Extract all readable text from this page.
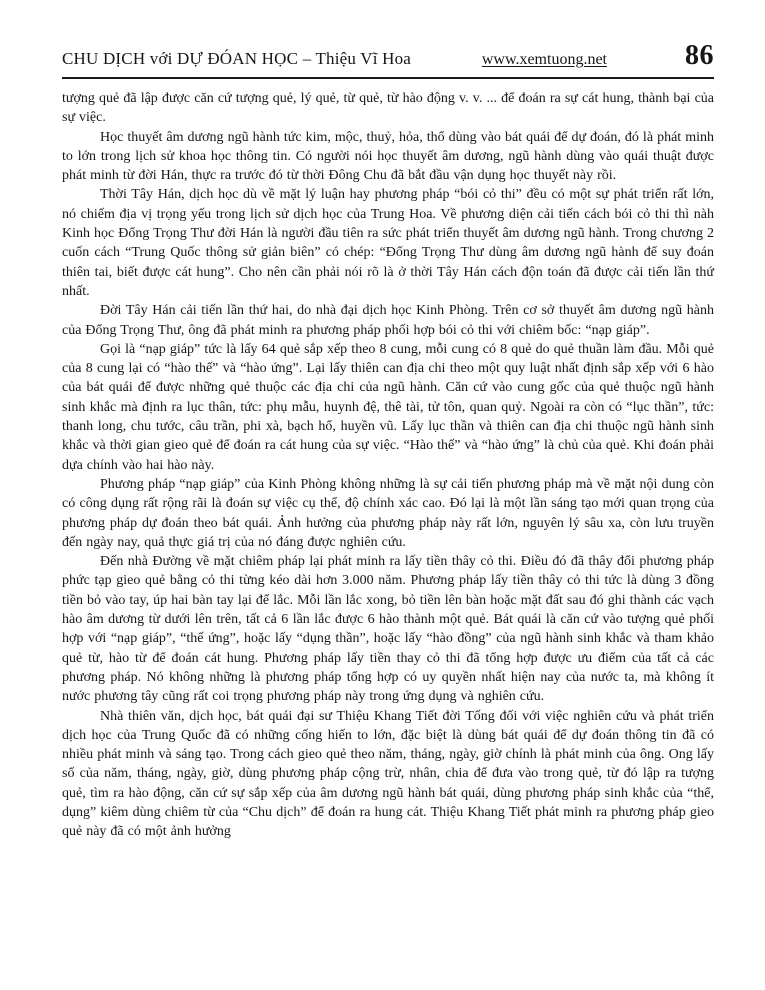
CHU DỊCH với DỰ ĐÓAN HỌC – Thiệu Vĩ Hoa	www.xemtuong.net	86

tượng quẻ đã lập được căn cứ tượng quẻ, lý quẻ, từ quẻ, từ hào động v. v. ... để đoán ra sự cát hung, thành bại của sự việc.

Học thuyết âm dương ngũ hành tức kim, mộc, thuỷ, hỏa, thổ dùng vào bát quái để dự đoán, đó là phát minh to lớn trong lịch sử khoa học thông tin. Có người nói học thuyết âm dương, ngũ hành dùng vào quái thuật được phát minh từ đời Hán, thực ra trước đó từ thời Đông Chu đã bắt đầu vận dụng học thuyết này rồi.

Thời Tây Hán, dịch học dù về mặt lý luận hay phương pháp “bói cỏ thi” đều có một sự phát triển rất lớn, nó chiếm địa vị trọng yếu trong lịch sử dịch học của Trung Hoa. Về phương diện cải tiến cách bói cỏ thi thì nàh Kinh học Đổng Trọng Thư đời Hán là người đầu tiên ra sức phát triển thuyết âm dương ngũ hành. Trong chương 2 cuốn cách “Trung Quốc thông sử giản biên” có chép: “Đổng Trọng Thư dùng âm dương ngũ hành để suy đoán thiên tai, biết được cát hung”. Cho nên cần phải nói rõ là ở thời Tây Hán cách độn toán đã được cải tiến lần thứ nhất.

Đời Tây Hán cải tiến lần thứ hai, do nhà đại dịch học Kinh Phòng. Trên cơ sở thuyết âm dương ngũ hành của Đổng Trọng Thư, ông đã phát minh ra phương pháp phối hợp bói cỏ thi với chiêm bốc: “nạp giáp”.

Gọi là “nạp giáp” tức là lấy 64 quẻ sắp xếp theo 8 cung, mỗi cung có 8 quẻ do quẻ thuần làm đầu. Mỗi quẻ của 8 cung lại có “hào thế” và “hào ứng”. Lại lấy thiên can địa chi theo một quy luật nhất định sắp xếp với 6 hào của bát quái để được những quẻ thuộc các địa chi của ngũ hành. Căn cứ vào cung gốc của quẻ thuộc ngũ hành sinh khắc mà định ra lục thân, tức: phụ mẫu, huynh đệ, thê tài, tử tôn, quan quỷ. Ngoài ra còn có “lục thần”, tức: thanh long, chu tước, câu trần, phi xà, bạch hổ, huyền vũ. Lấy lục thần và thiên can địa chi thuộc ngũ hành sinh khắc và thời gian gieo quẻ để đoán ra cát hung của sự việc. “Hào thế” và “hào ứng” là chủ của quẻ. Khi đoán phải dựa chính vào hai hào này.

Phương pháp “nạp giáp” của Kinh Phòng không những là sự cải tiến phương pháp mà về mặt nội dung còn có công dụng rất rộng rãi là đoán sự việc cụ thể, độ chính xác cao. Đó lại là một lần sáng tạo mới quan trọng của phương pháp dự đoán theo bát quái. Ảnh hưởng của phương pháp này rất lớn, nguyên lý sâu xa, còn lưu truyền đến ngày nay, quả thực giá trị của nó đáng được nghiên cứu.

Đến nhà Đường về mặt chiêm pháp lại phát minh ra lấy tiền thây cỏ thi. Điều đó đã thây đổi phương pháp phức tạp gieo quẻ bằng cỏ thi từng kéo dài hơn 3.000 năm. Phương pháp lấy tiền thây cỏ thi tức là dùng 3 đồng tiền bỏ vào tay, úp hai bàn tay lại để lắc. Mỗi lần lắc xong, bỏ tiền lên bàn hoặc mặt đất sau đó ghi thành các vạch hào âm dương từ dưới lên trên, tất cả 6 lần lắc được 6 hào thành một quẻ. Bát quái là căn cứ vào tượng quẻ phối hợp với “nạp giáp”, “thế ứng”, hoặc lấy “dụng thần”, hoặc lấy “hào đồng” của ngũ hành sinh khắc và tham khảo quẻ từ, hào từ để đoán cát hung. Phương pháp lấy tiền thay cỏ thi đã tổng hợp được ưu điểm của tất cả các phương pháp. Nó không những là phương pháp tổng hợp có uy quyền nhất hiện nay của nước ta, mà không ít nước phương tây cũng rất coi trọng phương pháp này trong ứng dụng và nghiên cứu.

Nhà thiên văn, dịch học, bát quái đại sư Thiệu Khang Tiết đời Tống đối với việc nghiên cứu và phát triển dịch học của Trung Quốc đã có những cống hiến to lớn, đặc biệt là dùng bát quái để dự đoán thông tin đã có nhiều phát minh và sáng tạo. Trong cách gieo quẻ theo năm, tháng, ngày, giờ chính là phát minh của ông. Ong lấy số của năm, tháng, ngày, giờ, dùng phương pháp cộng trừ, nhân, chia để đưa vào trong quẻ, từ đó lập ra tượng quẻ, tìm ra hào động, căn cứ sự sắp xếp của âm dương ngũ hành bát quái, dùng phương pháp sinh khắc của “thể, dụng” kiêm dùng chiêm từ của “Chu dịch” để đoán ra hung cát. Thiệu Khang Tiết phát minh ra phương pháp gieo quẻ này đã có một ảnh hưởng
